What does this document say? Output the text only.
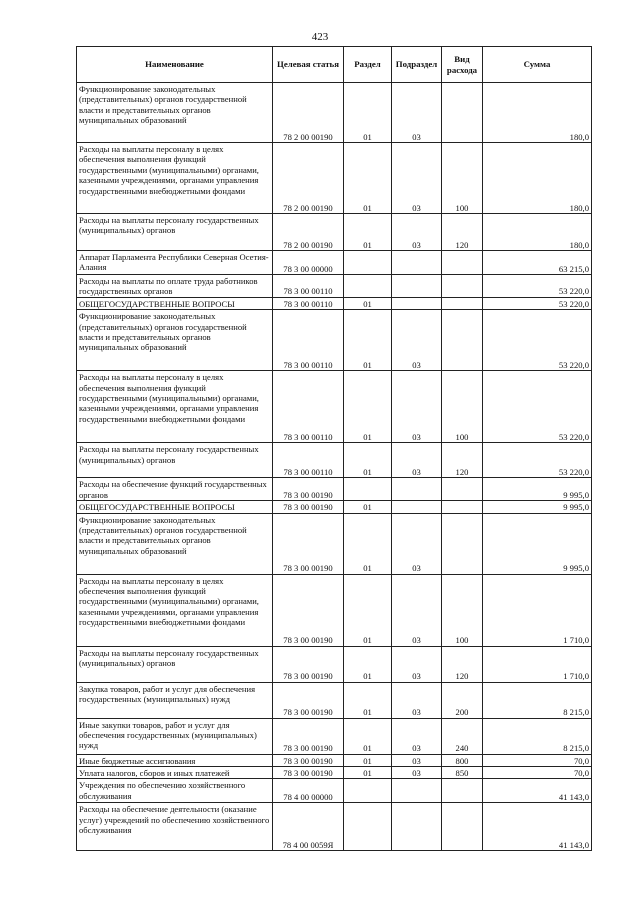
423
Наименование	Целевая статья	Раздел	Подраздел	Вид расхода	Сумма
Функционирование законодательных (представительных) органов государственной власти и представительных органов муниципальных образований	78 2 00 00190	01	03		180,0
Расходы на выплаты персоналу в целях обеспечения выполнения функций государственными (муниципальными) органами, казенными учреждениями, органами управления государственными внебюджетными фондами	78 2 00 00190	01	03	100	180,0
Расходы на выплаты персоналу государственных (муниципальных) органов	78 2 00 00190	01	03	120	180,0
Аппарат Парламента Республики Северная Осетия-Алания	78 3 00 00000				63 215,0
Расходы на выплаты по оплате труда работников государственных органов	78 3 00 00110				53 220,0
ОБЩЕГОСУДАРСТВЕННЫЕ ВОПРОСЫ	78 3 00 00110	01			53 220,0
Функционирование законодательных (представительных) органов государственной власти и представительных органов муниципальных образований	78 3 00 00110	01	03		53 220,0
Расходы на выплаты персоналу в целях обеспечения выполнения функций государственными (муниципальными) органами, казенными учреждениями, органами управления государственными внебюджетными фондами	78 3 00 00110	01	03	100	53 220,0
Расходы на выплаты персоналу государственных (муниципальных) органов	78 3 00 00110	01	03	120	53 220,0
Расходы на обеспечение функций государственных органов	78 3 00 00190				9 995,0
ОБЩЕГОСУДАРСТВЕННЫЕ ВОПРОСЫ	78 3 00 00190	01			9 995,0
Функционирование законодательных (представительных) органов государственной власти и представительных органов муниципальных образований	78 3 00 00190	01	03		9 995,0
Расходы на выплаты персоналу в целях обеспечения выполнения функций государственными (муниципальными) органами, казенными учреждениями, органами управления государственными внебюджетными фондами	78 3 00 00190	01	03	100	1 710,0
Расходы на выплаты персоналу государственных (муниципальных) органов	78 3 00 00190	01	03	120	1 710,0
Закупка товаров, работ и услуг для обеспечения государственных (муниципальных) нужд	78 3 00 00190	01	03	200	8 215,0
Иные закупки товаров, работ и услуг для обеспечения государственных (муниципальных) нужд	78 3 00 00190	01	03	240	8 215,0
Иные бюджетные ассигнования	78 3 00 00190	01	03	800	70,0
Уплата налогов, сборов и иных платежей	78 3 00 00190	01	03	850	70,0
Учреждения по обеспечению хозяйственного обслуживания	78 4 00 00000				41 143,0
Расходы на обеспечение деятельности (оказание услуг) учреждений по обеспечению хозяйственного обслуживания	78 4 00 0059Я				41 143,0
